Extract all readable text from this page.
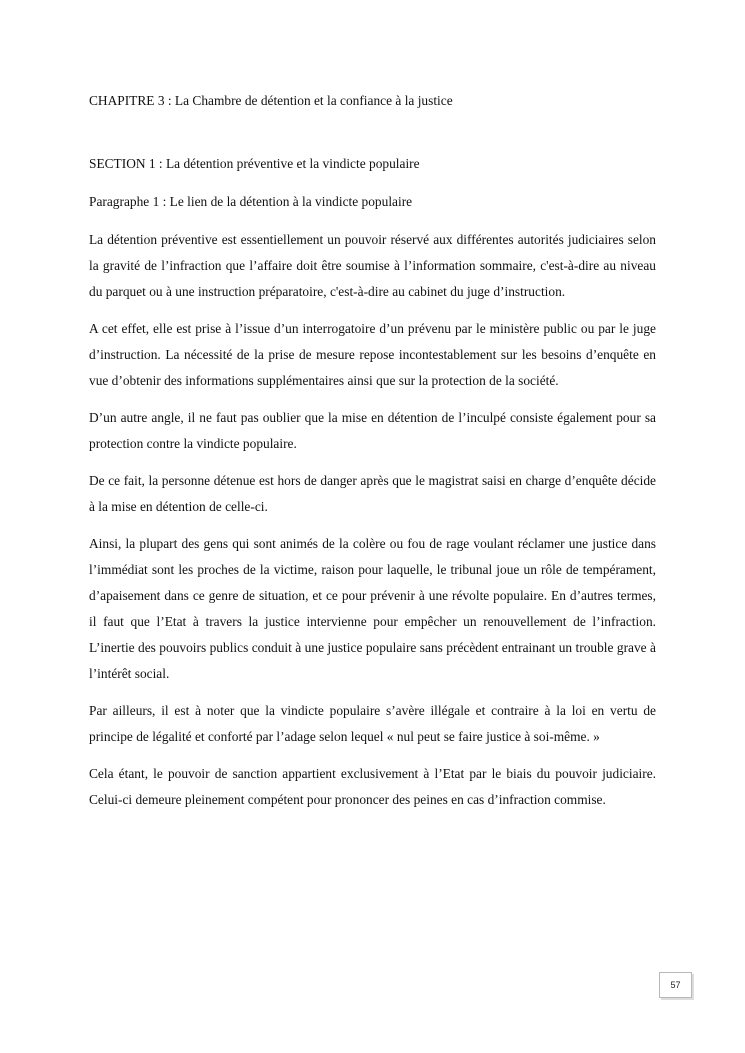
CHAPITRE 3 : La Chambre de détention et la confiance à la justice

SECTION 1 : La détention préventive et la vindicte populaire

Paragraphe 1 : Le lien de la détention à la vindicte populaire

La détention préventive est essentiellement un pouvoir réservé aux différentes autorités judiciaires selon la gravité de l’infraction que l’affaire doit être soumise à l’information sommaire, c'est-à-dire au niveau du parquet ou à une instruction préparatoire, c'est-à-dire au cabinet du juge d’instruction.

A cet effet, elle est prise à l’issue d’un interrogatoire d’un prévenu par le ministère public ou par le juge d’instruction. La nécessité de la prise de mesure repose incontestablement sur les besoins d’enquête en vue d’obtenir des informations supplémentaires ainsi que sur la protection de la société.

D’un autre angle, il ne faut pas oublier que la mise en détention de l’inculpé consiste également pour sa protection contre la vindicte populaire.

De ce fait, la personne détenue est hors de danger après que le magistrat saisi en charge d’enquête décide à la mise en détention de celle-ci.

Ainsi, la plupart des gens qui sont animés de la colère ou fou de rage voulant réclamer une justice dans l’immédiat sont les proches de la victime, raison pour laquelle, le tribunal joue un rôle de tempérament, d’apaisement dans ce genre de situation, et ce pour prévenir à une révolte populaire. En d’autres termes, il faut que l’Etat à travers la justice intervienne pour empêcher un renouvellement de l’infraction. L’inertie des pouvoirs publics conduit à une justice populaire sans précèdent entrainant un trouble grave à l’intérêt social.

Par ailleurs, il est à noter que la vindicte populaire s’avère illégale et contraire à la loi en vertu de principe de légalité et conforté par l’adage selon lequel « nul peut se faire justice à soi-même. »

Cela étant, le pouvoir de sanction appartient exclusivement à l’Etat par le biais du pouvoir judiciaire. Celui-ci demeure pleinement compétent pour prononcer des peines en cas d’infraction commise.

57
